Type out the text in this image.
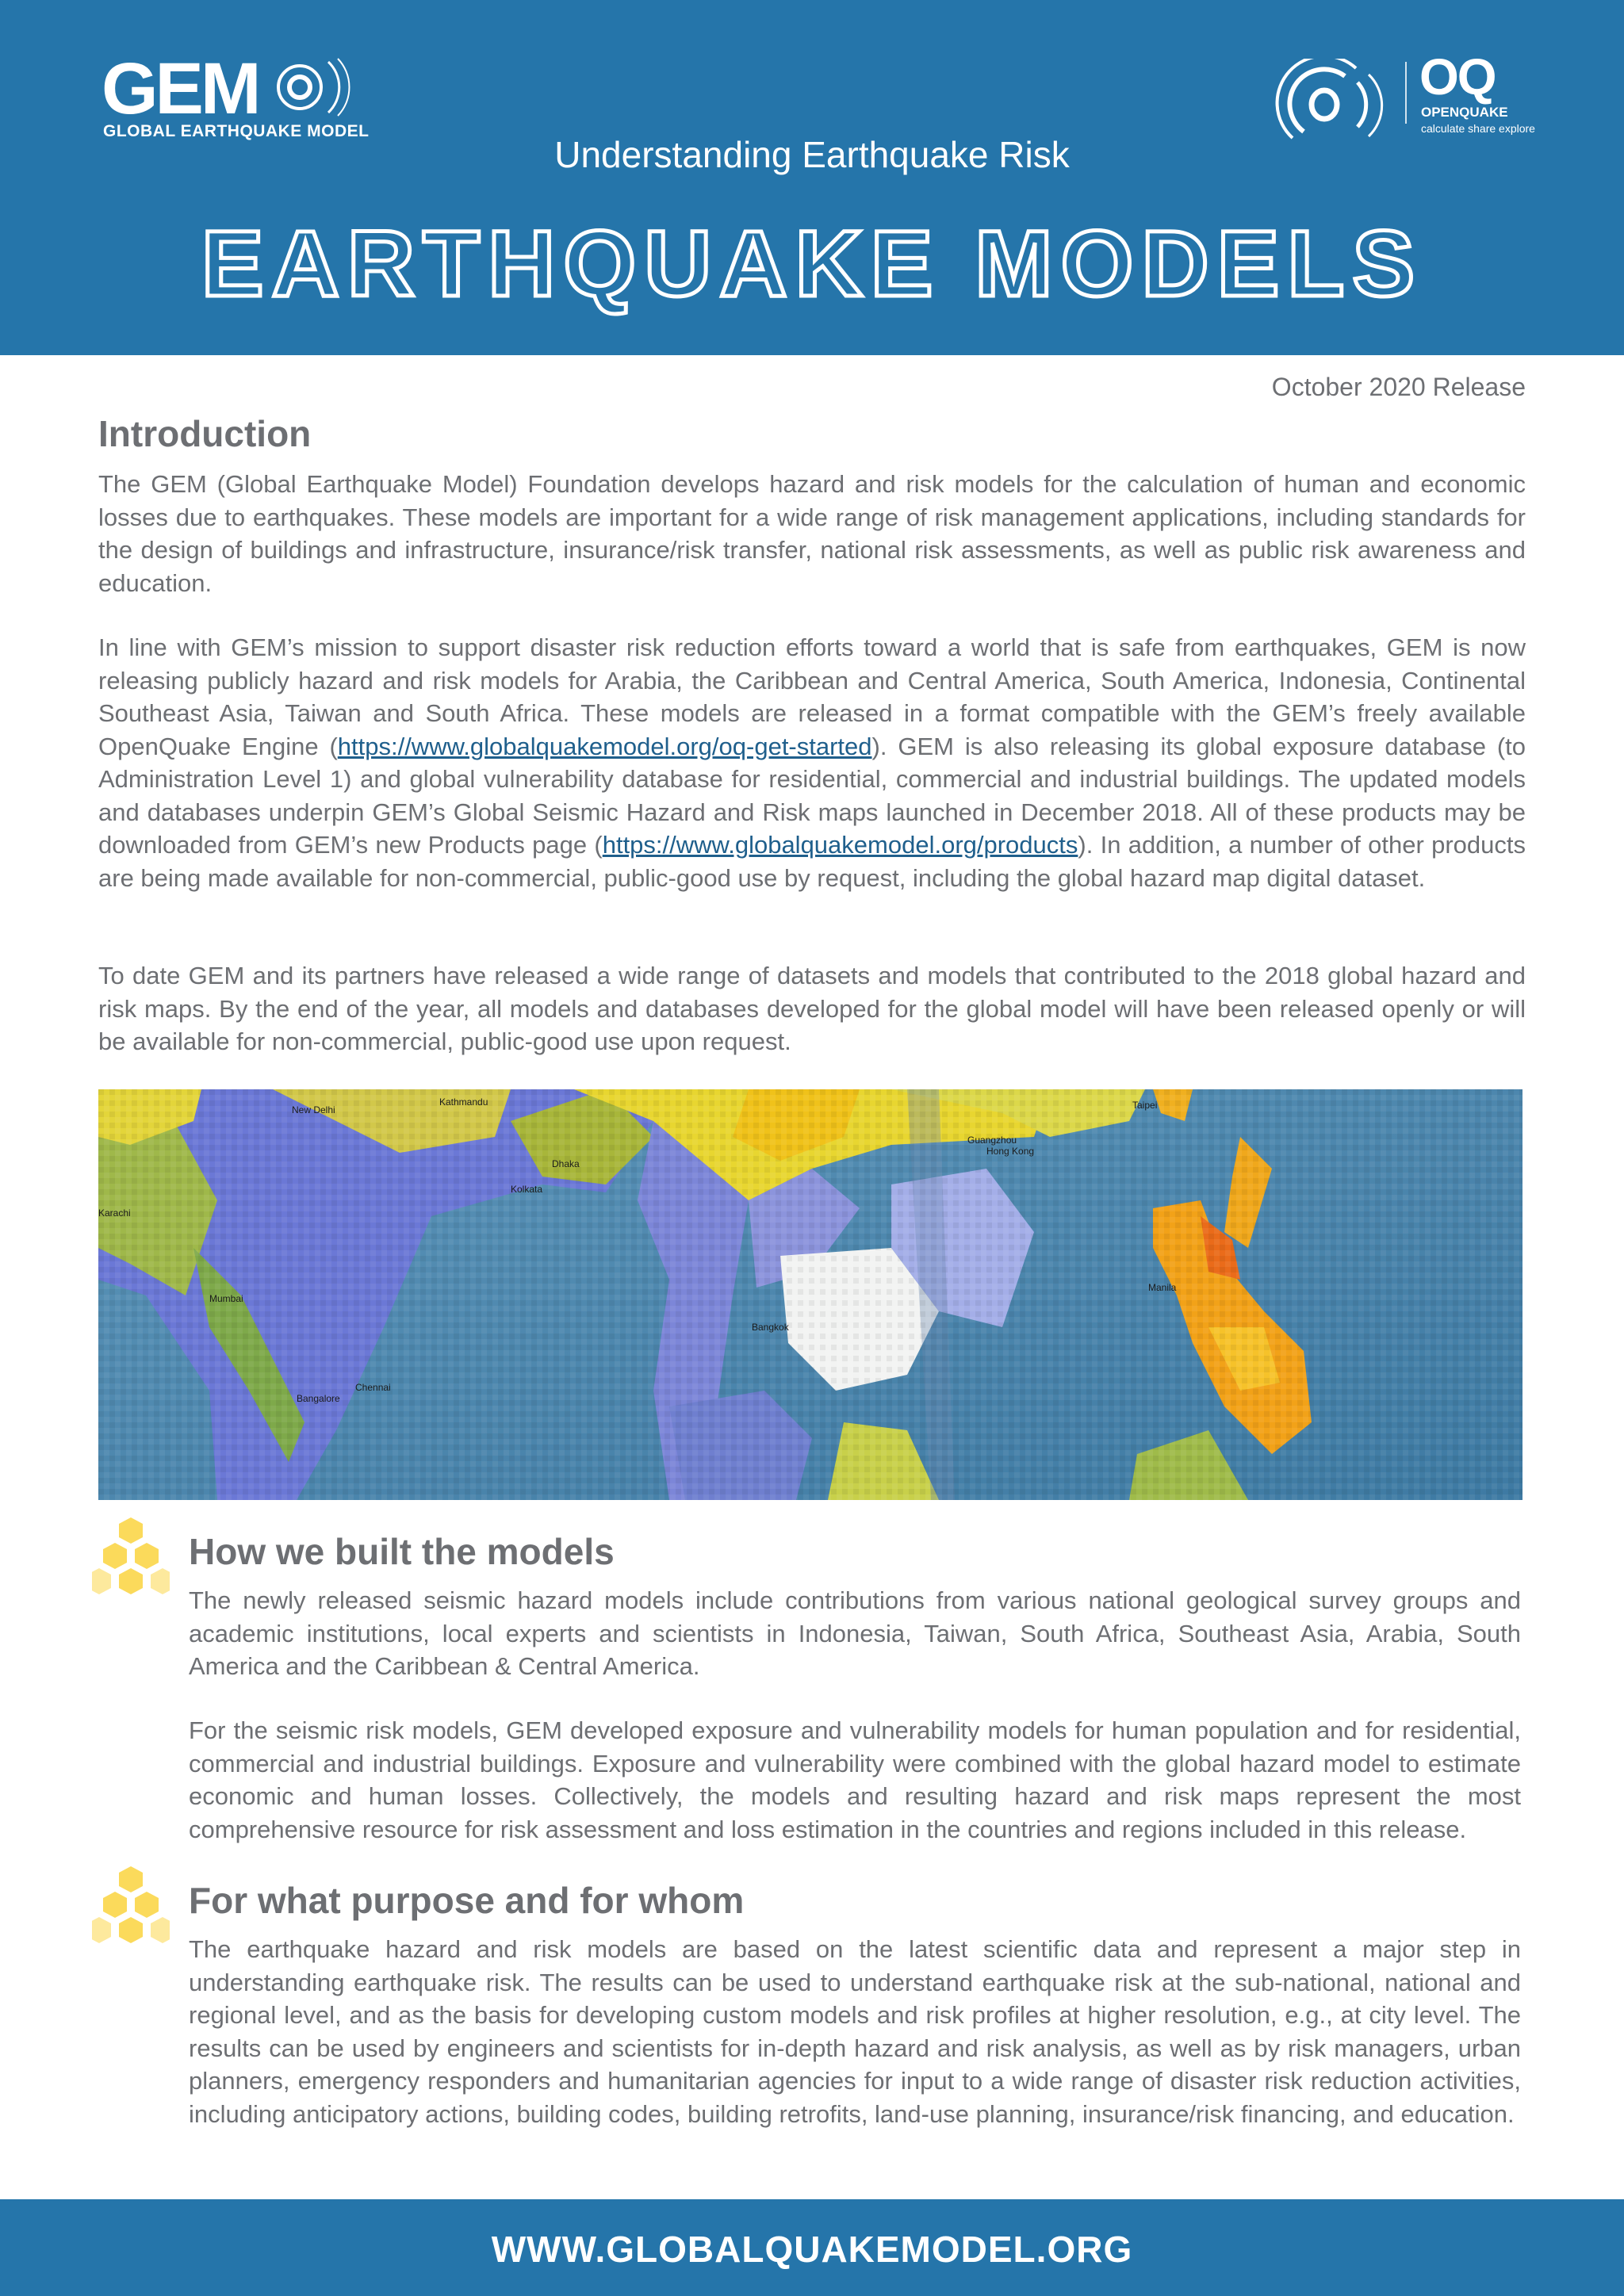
GEM
GLOBAL EARTHQUAKE MODEL
OQ
OPENQUAKE
calculate share explore
Understanding Earthquake Risk
EARTHQUAKE MODELS
October 2020 Release
Introduction
The GEM (Global Earthquake Model) Foundation develops hazard and risk models for the calculation of human and economic losses due to earthquakes. These models are important for a wide range of risk management applications, including standards for the design of buildings and infrastructure, insurance/risk transfer, national risk assessments, as well as public risk awareness and education.
In line with GEM’s mission to support disaster risk reduction efforts toward a world that is safe from earthquakes, GEM is now releasing publicly hazard and risk models for Arabia, the Caribbean and Central America, South America, Indonesia, Continental Southeast Asia, Taiwan and South Africa. These models are released in a format compatible with the GEM’s freely available OpenQuake Engine (https://www.globalquakemodel.org/oq-get-started). GEM is also releasing its global exposure database (to Administration Level 1) and global vulnerability database for residential, commercial and industrial buildings. The updated models and databases underpin GEM’s Global Seismic Hazard and Risk maps launched in December 2018. All of these products may be downloaded from GEM’s new Products page (https://www.globalquakemodel.org/products). In addition, a number of other products are being made available for non-commercial, public-good use by request, including the global hazard map digital dataset.
To date GEM and its partners have released a wide range of datasets and models that contributed to the 2018 global hazard and risk maps. By the end of the year, all models and databases developed for the global model will have been released openly or will be available for non-commercial, public-good use upon request.
New Delhi
Kathmandu
Dhaka
Kolkata
Karachi
Mumbai
Chennai
Bangalore
Bangkok
Guangzhou
Hong Kong
Taipei
Manila
How we built the models
The newly released seismic hazard models include contributions from various national geological survey groups and academic institutions, local experts and scientists in Indonesia, Taiwan, South Africa, Southeast Asia, Arabia, South America and the Caribbean & Central America.
For the seismic risk models, GEM developed exposure and vulnerability models for human population and for residential, commercial and industrial buildings. Exposure and vulnerability were combined with the global hazard model to estimate economic and human losses. Collectively, the models and resulting hazard and risk maps represent the most comprehensive resource for risk assessment and loss estimation in the countries and regions included in this release.
For what purpose and for whom
The earthquake hazard and risk models are based on the latest scientific data and represent a major step in understanding earthquake risk. The results can be used to understand earthquake risk at the sub-national, national and regional level, and as the basis for developing custom models and risk profiles at higher resolution, e.g., at city level. The results can be used by engineers and scientists for in-depth hazard and risk analysis, as well as by risk managers, urban planners, emergency responders and humanitarian agencies for input to a wide range of disaster risk reduction activities, including anticipatory actions, building codes, building retrofits, land-use planning, insurance/risk financing, and education.
WWW.GLOBALQUAKEMODEL.ORG
